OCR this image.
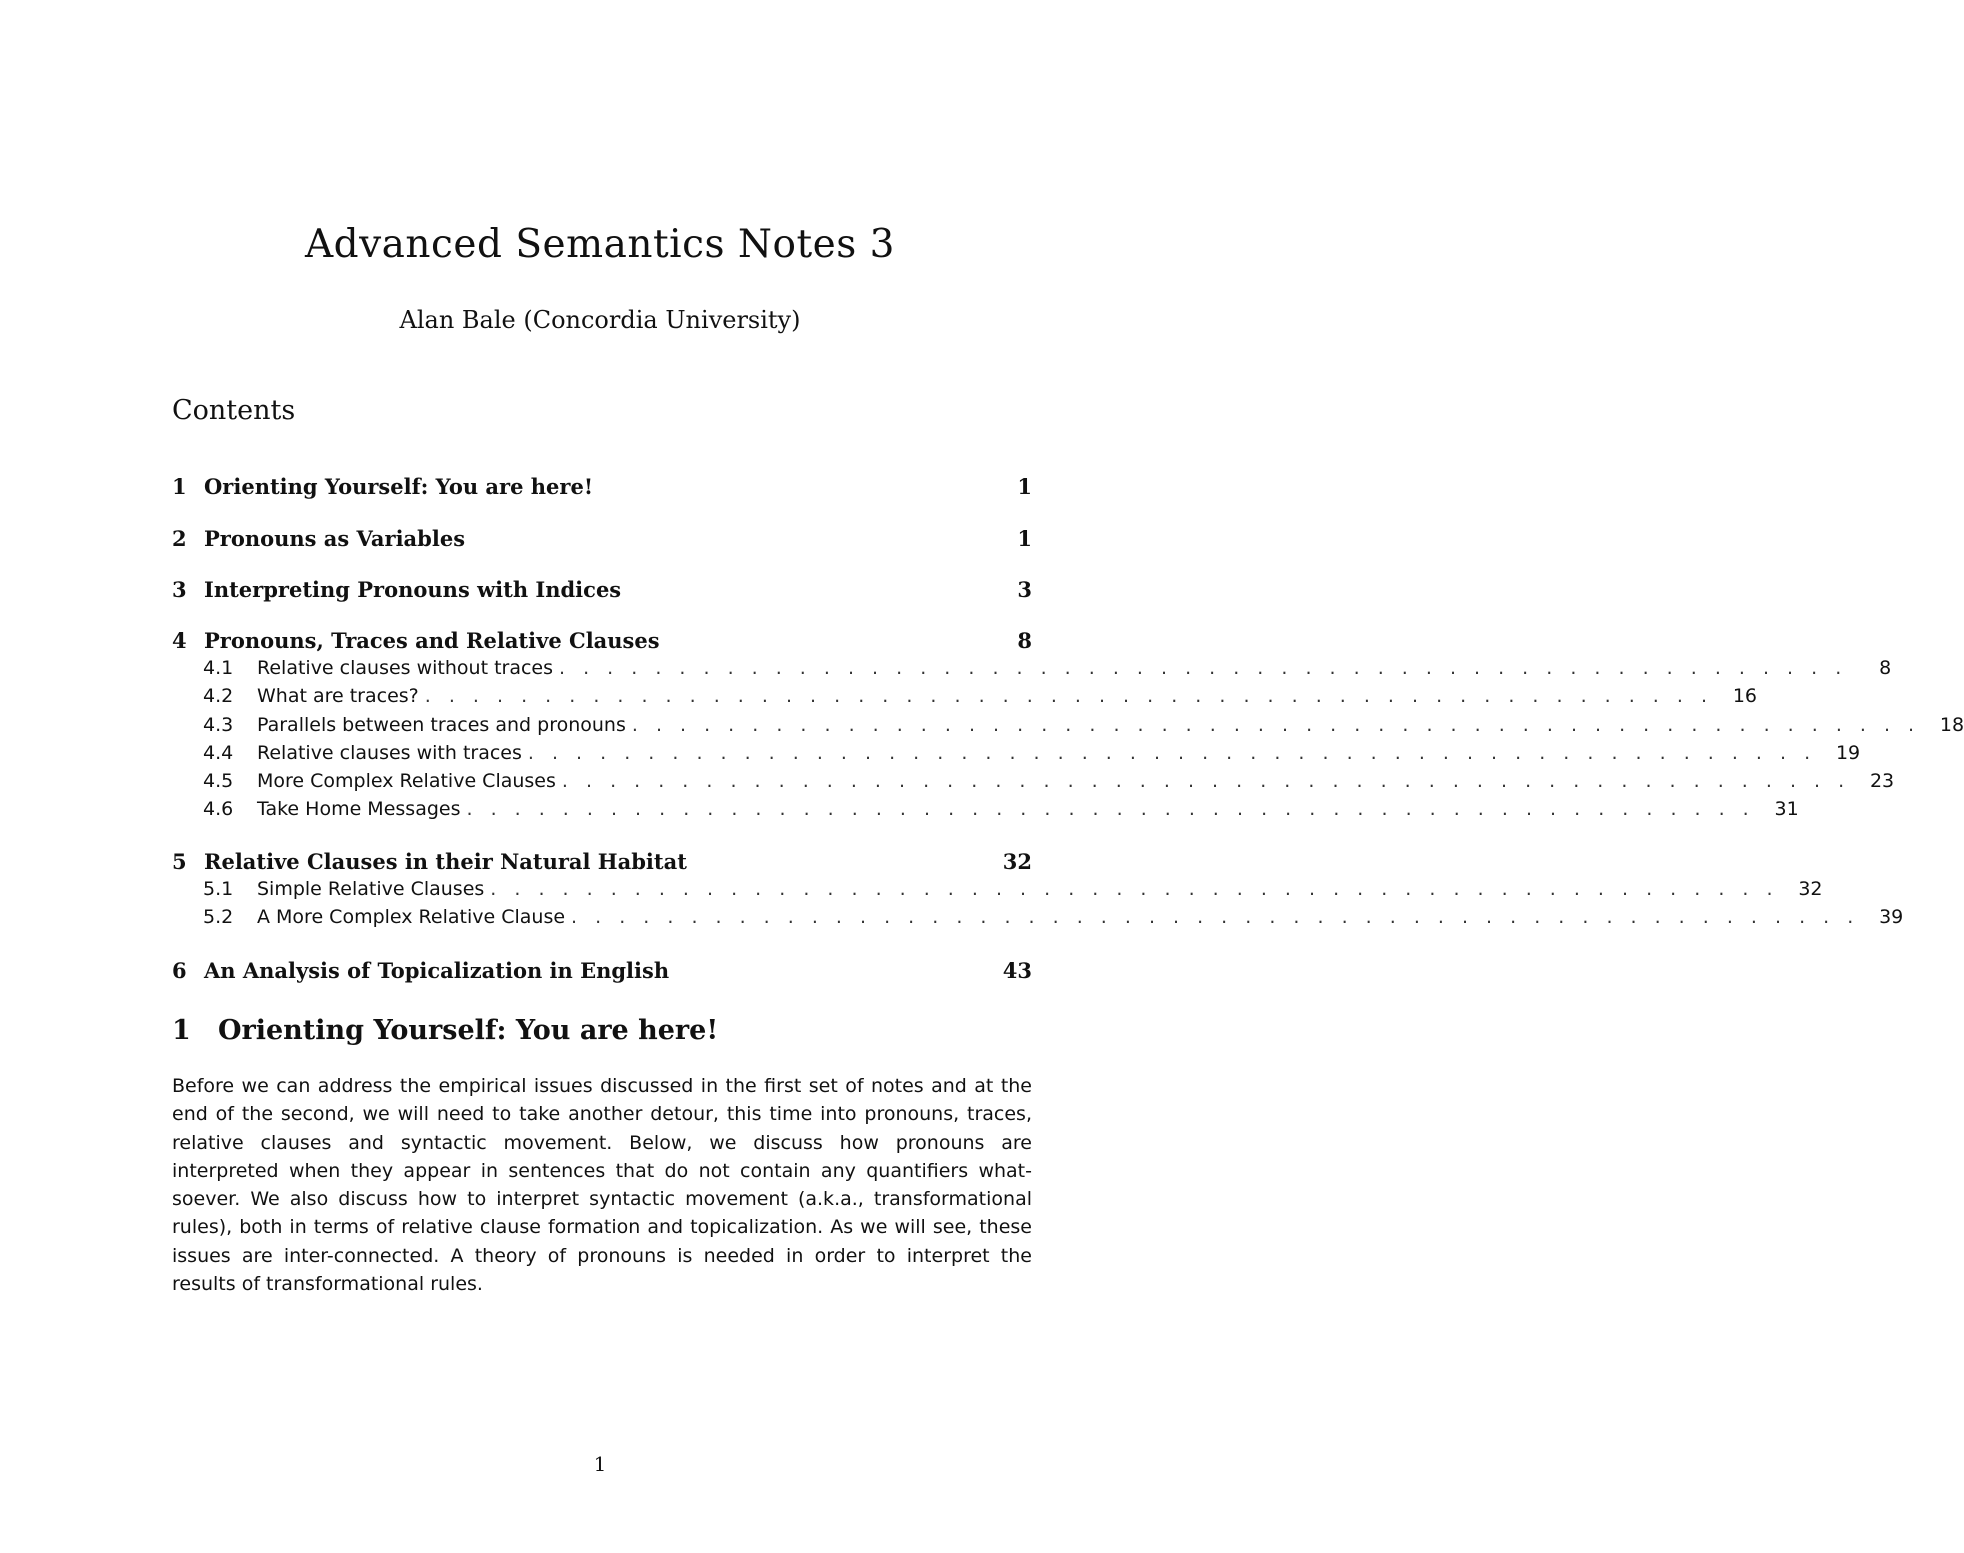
Advanced Semantics Notes 3

Alan Bale (Concordia University)

Contents
1 Orienting Yourself: You are here!	1
2 Pronouns as Variables	1
3 Interpreting Pronouns with Indices	3
4 Pronouns, Traces and Relative Clauses	8
4.1	Relative clauses without traces . . . . . . . . . . . . . . . . . . . . . . . . . . . . . . . . . . . . . . . . . . . . . . . . . . . . . .	8
4.2	What are traces? . . . . . . . . . . . . . . . . . . . . . . . . . . . . . . . . . . . . . . . . . . . . . . . . . . . . . .	16
4.3	Parallels between traces and pronouns . . . . . . . . . . . . . . . . . . . . . . . . . . . . . . . . . . . . . . . . . . . . . . . . . . . . . .	18
4.4	Relative clauses with traces . . . . . . . . . . . . . . . . . . . . . . . . . . . . . . . . . . . . . . . . . . . . . . . . . . . . . .	19
4.5	More Complex Relative Clauses . . . . . . . . . . . . . . . . . . . . . . . . . . . . . . . . . . . . . . . . . . . . . . . . . . . . . .	23
4.6	Take Home Messages . . . . . . . . . . . . . . . . . . . . . . . . . . . . . . . . . . . . . . . . . . . . . . . . . . . . . .	31
5 Relative Clauses in their Natural Habitat	32
5.1	Simple Relative Clauses . . . . . . . . . . . . . . . . . . . . . . . . . . . . . . . . . . . . . . . . . . . . . . . . . . . . . .	32
5.2	A More Complex Relative Clause . . . . . . . . . . . . . . . . . . . . . . . . . . . . . . . . . . . . . . . . . . . . . . . . . . . . . .	39
6 An Analysis of Topicalization in English	43
1 Orienting Yourself: You are here!

Before we can address the empirical issues discussed in the first set of notes and at the end of the second, we will need to take another detour, this time into pronouns, traces, relative clauses and syntactic movement. Below, we discuss how pronouns are interpreted when they appear in sentences that do not contain any quantifiers what-soever. We also discuss how to interpret syntactic movement (a.k.a., transformational rules), both in terms of relative clause formation and topicalization. As we will see, these issues are inter-connected. A theory of pronouns is needed in order to interpret the results of transformational rules.

1
